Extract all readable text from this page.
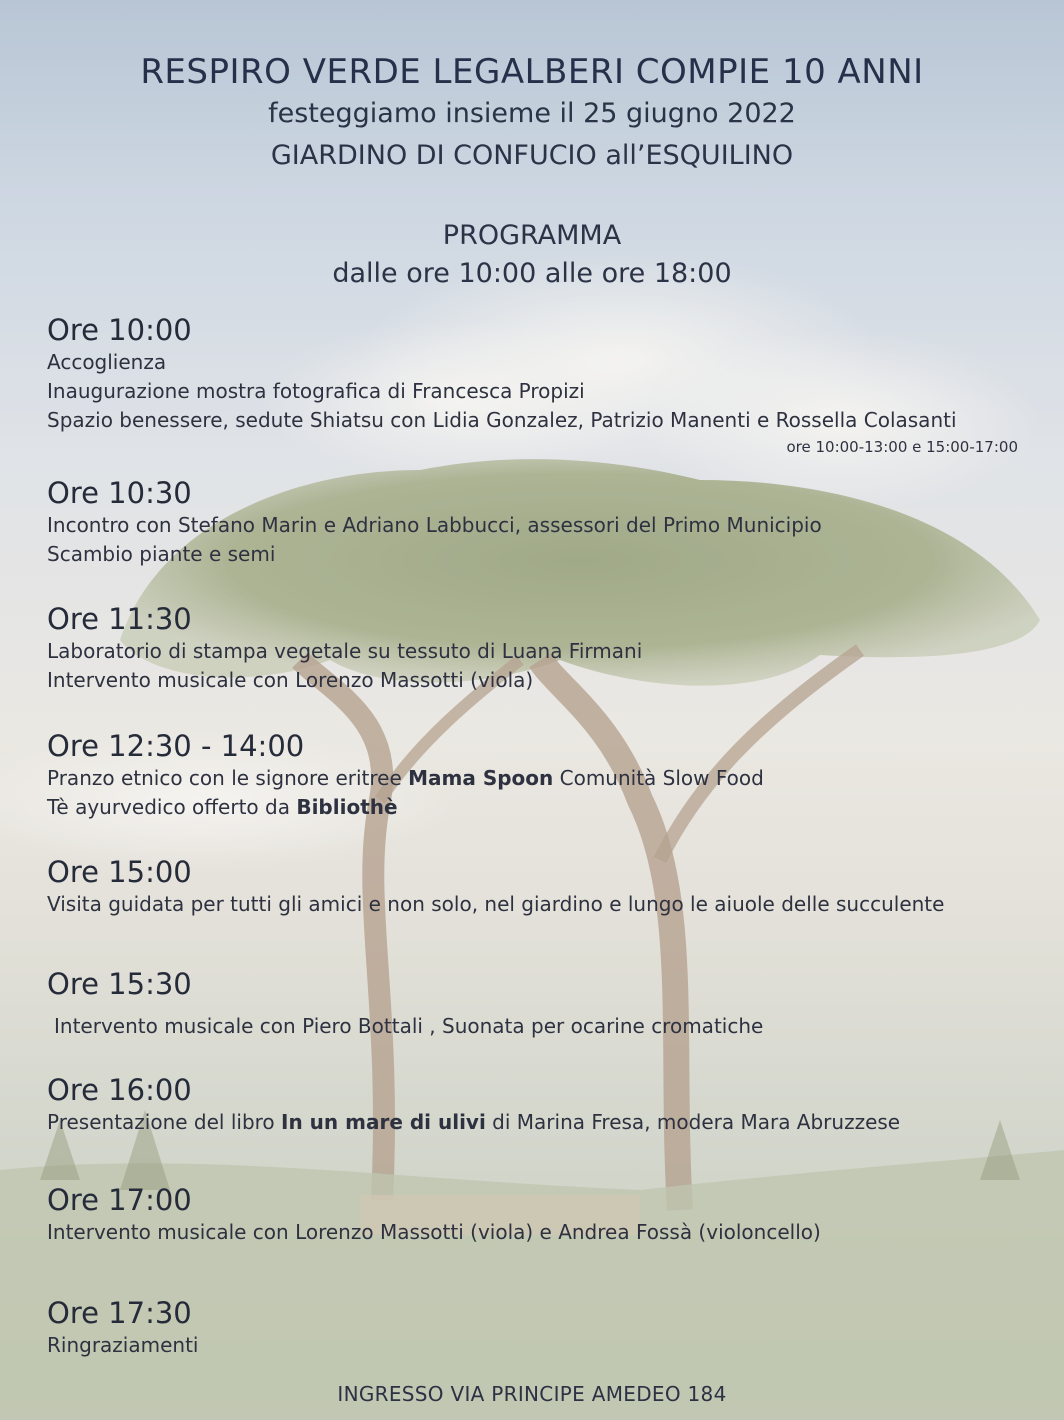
RESPIRO VERDE LEGALBERI COMPIE 10 ANNI
festeggiamo insieme il 25 giugno 2022
GIARDINO DI CONFUCIO all’ESQUILINO
PROGRAMMA
dalle ore 10:00 alle ore 18:00

Ore 10:00

Accoglienza

Inaugurazione mostra fotografica di Francesca Propizi

Spazio benessere, sedute Shiatsu con Lidia Gonzalez, Patrizio Manenti e Rossella Colasanti

ore 10:00-13:00 e 15:00-17:00

Ore 10:30

Incontro con Stefano Marin e Adriano Labbucci, assessori del Primo Municipio

Scambio piante e semi

Ore 11:30

Laboratorio di stampa vegetale su tessuto di Luana Firmani

Intervento musicale con Lorenzo Massotti (viola)

Ore 12:30 - 14:00

Pranzo etnico con le signore eritree Mama Spoon Comunità Slow Food

Tè ayurvedico offerto da Bibliothè

Ore 15:00

Visita guidata per tutti gli amici e non solo, nel giardino e lungo le aiuole delle succulente

Ore 15:30

Intervento musicale con Piero Bottali , Suonata per ocarine cromatiche

Ore 16:00

Presentazione del libro In un mare di ulivi di Marina Fresa, modera Mara Abruzzese

Ore 17:00

Intervento musicale con Lorenzo Massotti (viola) e Andrea Fossà (violoncello)

Ore 17:30

Ringraziamenti

INGRESSO VIA PRINCIPE AMEDEO 184
